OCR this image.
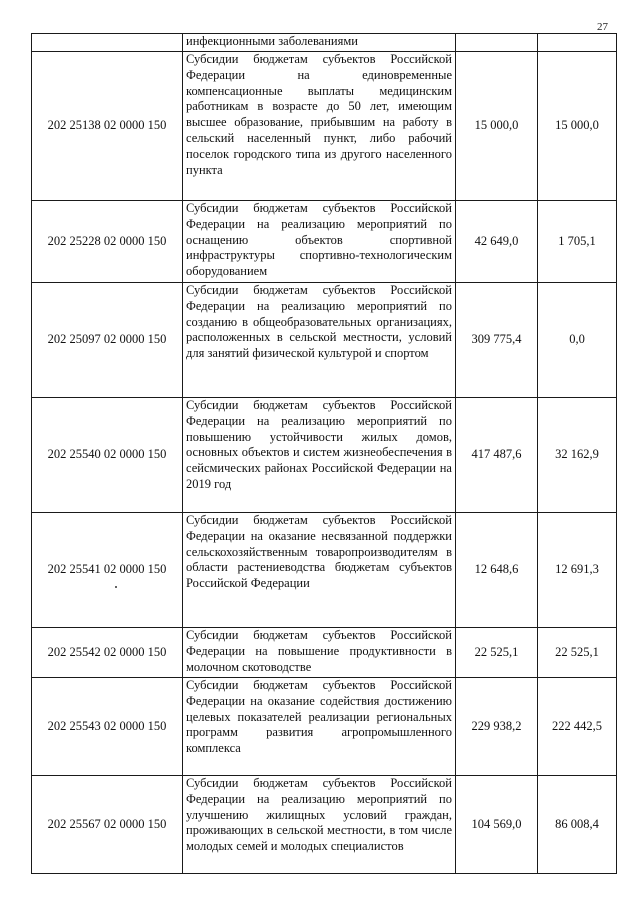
27
	инфекционными заболеваниями		
202 25138 02 0000 150	Субсидии бюджетам субъектов Российской Федерации на единовременные компенсационные выплаты медицинским работникам в возрасте до 50 лет, имеющим высшее образование, прибывшим на работу в сельский населенный пункт, либо рабочий поселок городского типа из другого населенного пункта	15 000,0	15 000,0
202 25228 02 0000 150	Субсидии бюджетам субъектов Российской Федерации на реализацию мероприятий по оснащению объектов спортивной инфраструктуры спортивно-технологическим оборудованием	42 649,0	1 705,1
202 25097 02 0000 150	Субсидии бюджетам субъектов Российской Федерации на реализацию мероприятий по созданию в общеобразовательных организациях, расположенных в сельской местности, условий для занятий физической культурой и спортом	309 775,4	0,0
202 25540 02 0000 150	Субсидии бюджетам субъектов Российской Федерации на реализацию мероприятий по повышению устойчивости жилых домов, основных объектов и систем жизнеобеспечения в сейсмических районах Российской Федерации на 2019 год	417 487,6	32 162,9
202 25541 02 0000 150	Субсидии бюджетам субъектов Российской Федерации на оказание несвязанной поддержки сельскохозяйственным товаропроизводителям в области растениеводства бюджетам субъектов Российской Федерации	12 648,6	12 691,3
202 25542 02 0000 150	Субсидии бюджетам субъектов Российской Федерации на повышение продуктивности в молочном скотоводстве	22 525,1	22 525,1
202 25543 02 0000 150	Субсидии бюджетам субъектов Российской Федерации на оказание содействия достижению целевых показателей реализации региональных программ развития агропромышленного комплекса	229 938,2	222 442,5
202 25567 02 0000 150	Субсидии бюджетам субъектов Российской Федерации на реализацию мероприятий по улучшению жилищных условий граждан, проживающих в сельской местности, в том числе молодых семей и молодых специалистов	104 569,0	86 008,4
